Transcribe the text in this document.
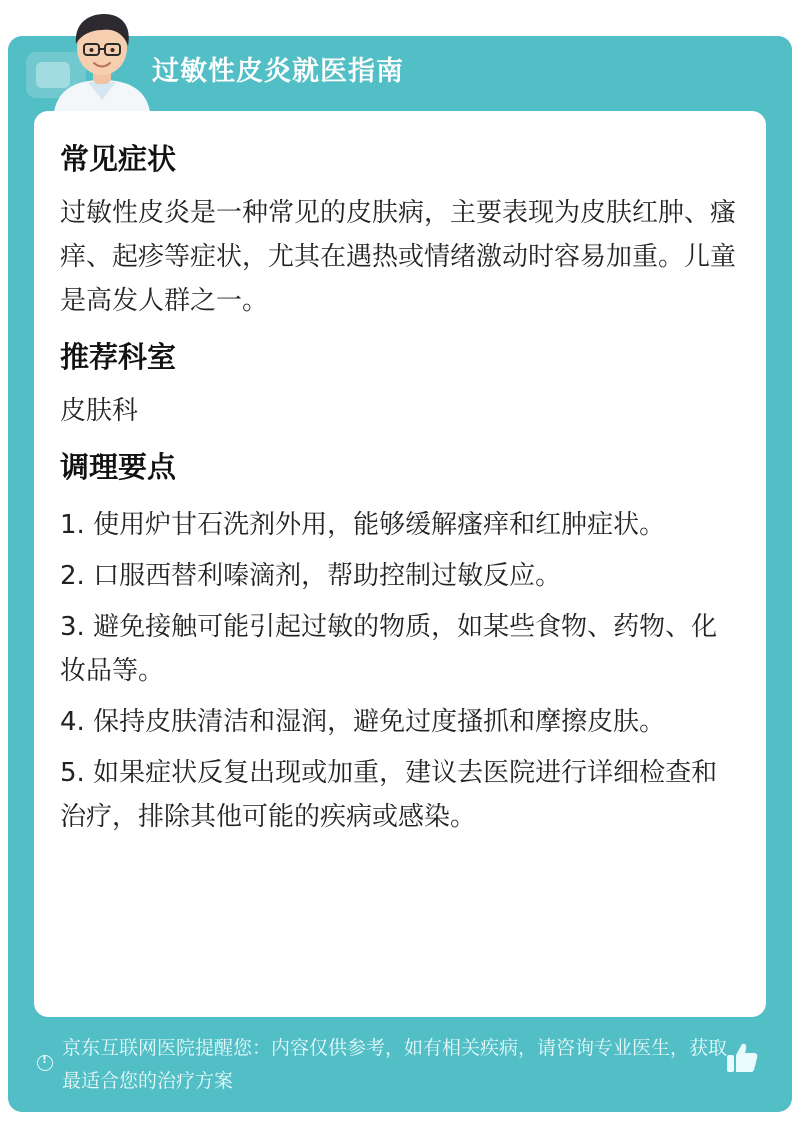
过敏性皮炎就医指南
常见症状

过敏性皮炎是一种常见的皮肤病，主要表现为皮肤红肿、瘙痒、起疹等症状，尤其在遇热或情绪激动时容易加重。儿童是高发人群之一。

推荐科室

皮肤科

调理要点

1. 使用炉甘石洗剂外用，能够缓解瘙痒和红肿症状。

2. 口服西替利嗪滴剂，帮助控制过敏反应。

3. 避免接触可能引起过敏的物质，如某些食物、药物、化妆品等。

4. 保持皮肤清洁和湿润，避免过度搔抓和摩擦皮肤。

5. 如果症状反复出现或加重，建议去医院进行详细检查和治疗，排除其他可能的疾病或感染。

!
京东互联网医院提醒您：内容仅供参考，如有相关疾病，请咨询专业医生，获取最适合您的治疗方案
